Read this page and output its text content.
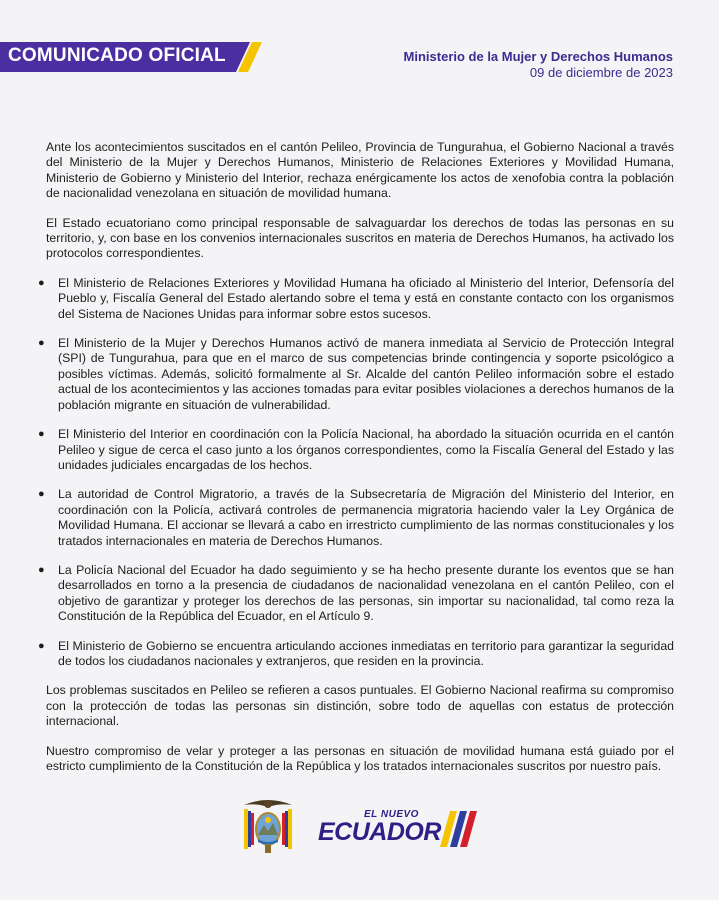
COMUNICADO OFICIAL	Ministerio de la Mujer y Derechos Humanos
09 de diciembre de 2023

Ante los acontecimientos suscitados en el cantón Pelileo, Provincia de Tungurahua, el Gobierno Nacional a través del Ministerio de la Mujer y Derechos Humanos, Ministerio de Relaciones Exteriores y Movilidad Humana, Ministerio de Gobierno y Ministerio del Interior, rechaza enérgicamente los actos de xenofobia contra la población de nacionalidad venezolana en situación de movilidad humana.

El Estado ecuatoriano como principal responsable de salvaguardar los derechos de todas las personas en su territorio, y, con base en los convenios internacionales suscritos en materia de Derechos Humanos, ha activado los protocolos correspondientes.

● El Ministerio de Relaciones Exteriores y Movilidad Humana ha oficiado al Ministerio del Interior, Defensoría del Pueblo y, Fiscalía General del Estado alertando sobre el tema y está en constante contacto con los organismos del Sistema de Naciones Unidas para informar sobre estos sucesos.
● El Ministerio de la Mujer y Derechos Humanos activó de manera inmediata al Servicio de Protección Integral (SPI) de Tungurahua, para que en el marco de sus competencias brinde contingencia y soporte psicológico a posibles víctimas. Además, solicitó formalmente al Sr. Alcalde del cantón Pelileo información sobre el estado actual de los acontecimientos y las acciones tomadas para evitar posibles violaciones a derechos humanos de la población migrante en situación de vulnerabilidad.
● El Ministerio del Interior en coordinación con la Policía Nacional, ha abordado la situación ocurrida en el cantón Pelileo y sigue de cerca el caso junto a los órganos correspondientes, como la Fiscalía General del Estado y las unidades judiciales encargadas de los hechos.
● La autoridad de Control Migratorio, a través de la Subsecretaría de Migración del Ministerio del Interior, en coordinación con la Policía, activará controles de permanencia migratoria haciendo valer la Ley Orgánica de Movilidad Humana. El accionar se llevará a cabo en irrestricto cumplimiento de las normas constitucionales y los tratados internacionales en materia de Derechos Humanos.
● La Policía Nacional del Ecuador ha dado seguimiento y se ha hecho presente durante los eventos que se han desarrollados en torno a la presencia de ciudadanos de nacionalidad venezolana en el cantón Pelileo, con el objetivo de garantizar y proteger los derechos de las personas, sin importar su nacionalidad, tal como reza la Constitución de la República del Ecuador, en el Artículo 9.
● El Ministerio de Gobierno se encuentra articulando acciones inmediatas en territorio para garantizar la seguridad de todos los ciudadanos nacionales y extranjeros, que residen en la provincia.

Los problemas suscitados en Pelileo se refieren a casos puntuales. El Gobierno Nacional reafirma su compromiso con la protección de todas las personas sin distinción, sobre todo de aquellas con estatus de protección internacional.

Nuestro compromiso de velar y proteger a las personas en situación de movilidad humana está guiado por el estricto cumplimiento de la Constitución de la República y los tratados internacionales suscritos por nuestro país.

EL NUEVO
ECUADOR
